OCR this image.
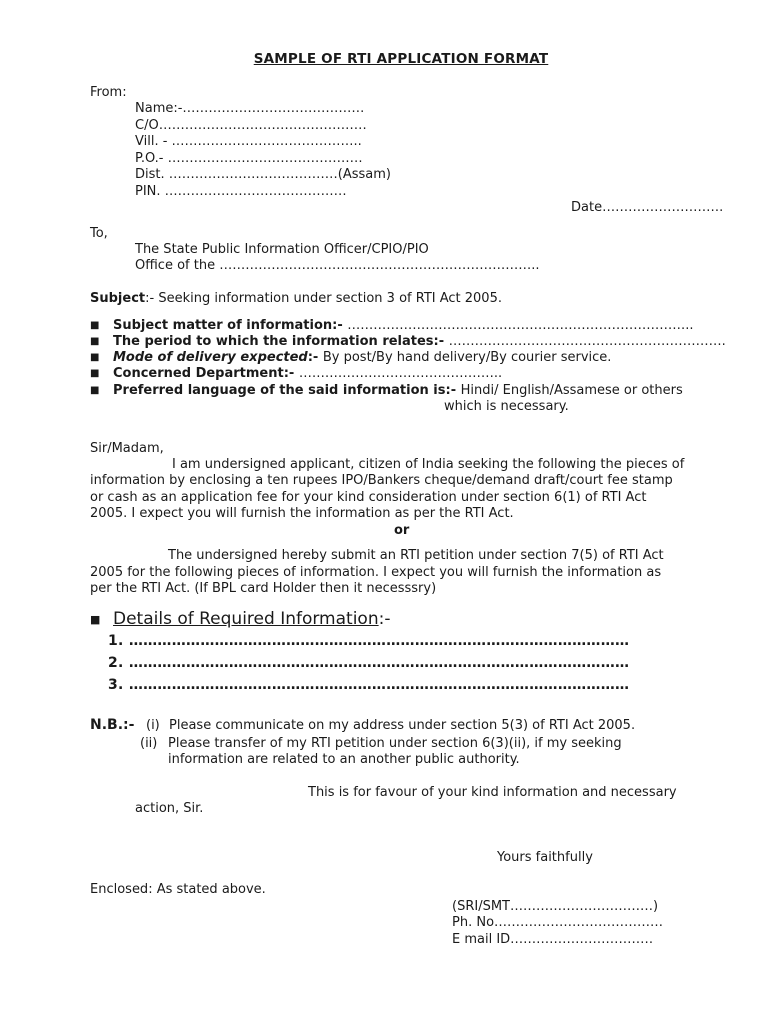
SAMPLE OF RTI APPLICATION FORMAT
From:
Name:-……………………………………
C/O…………………………………………
Vill. - ……………………………………..
P.O.- ………………………………………
Dist. …………………………………(Assam)
PIN. ……………………………………
Date……………………….
To,
The State Public Information Officer/CPIO/PIO
Office of the ………………………………………………………………..
Subject:- Seeking information under section 3 of RTI Act 2005.
■ Subject matter of information:- ……………………………………………………………………..
■ The period to which the information relates:- ……………………………………………………….
■ Mode of delivery expected:- By post/By hand delivery/By courier service.
■ Concerned Department:- ………………………………………..
■ Preferred language of the said information is:- Hindi/ English/Assamese or others
which is necessary.
Sir/Madam,
I am undersigned applicant, citizen of India seeking the following the pieces of
information by enclosing a ten rupees IPO/Bankers cheque/demand draft/court fee stamp
or cash as an application fee for your kind consideration under section 6(1) of RTI Act
2005. I expect you will furnish the information as per the RTI Act.
or
The undersigned hereby submit an RTI petition under section 7(5) of RTI Act
2005 for the following pieces of information. I expect you will furnish the information as
per the RTI Act. (If BPL card Holder then it necesssry)
■ Details of Required Information:-
1. ……………………………………………………………………………………………
2. ……………………………………………………………………………………………
3. ……………………………………………………………………………………………
N.B.:- (i) Please communicate on my address under section 5(3) of RTI Act 2005.
(ii) Please transfer of my RTI petition under section 6(3)(ii), if my seeking
information are related to an another public authority.
This is for favour of your kind information and necessary
action, Sir.
Yours faithfully
Enclosed: As stated above.
(SRI/SMT……………………………)
Ph. No…………………………………
E mail ID……………………………
